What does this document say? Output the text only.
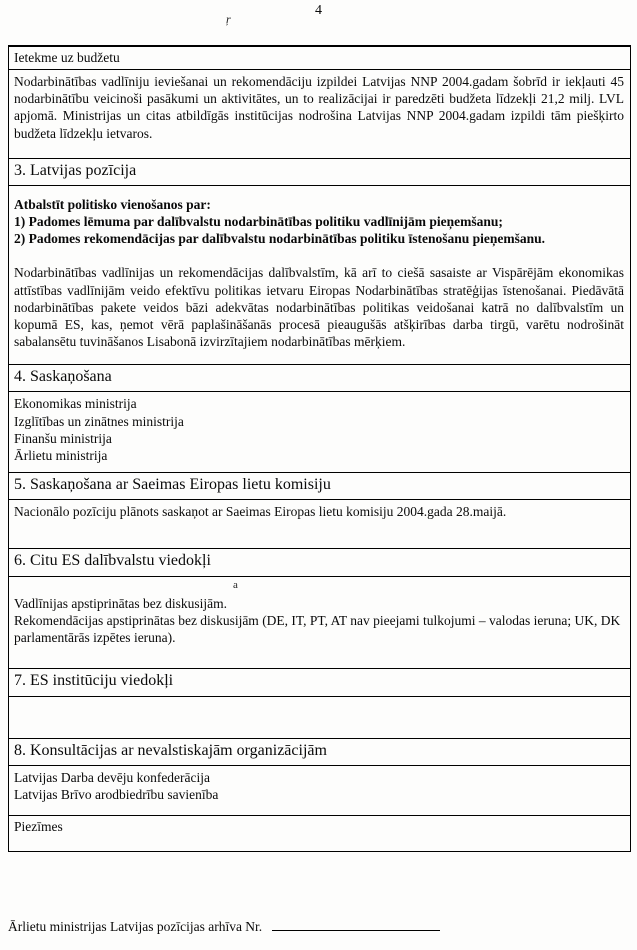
4
ŗ
Ietekme uz budžetu
Nodarbinātības vadlīniju ieviešanai un rekomendāciju izpildei Latvijas NNP 2004.gadam šobrīd ir iekļauti 45 nodarbinātību veicinoši pasākumi un aktivitātes, un to realizācijai ir paredzēti budžeta līdzekļi 21,2 milj. LVL apjomā. Ministrijas un citas atbildīgās institūcijas nodrošina Latvijas NNP 2004.gadam izpildi tām piešķirto budžeta līdzekļu ietvaros.
3. Latvijas pozīcija
Atbalstīt politisko vienošanos par:
1) Padomes lēmuma par dalībvalstu nodarbinātības politiku vadlīnijām pieņemšanu;
2) Padomes rekomendācijas par dalībvalstu nodarbinātības politiku īstenošanu pieņemšanu.
Nodarbinātības vadlīnijas un rekomendācijas dalībvalstīm, kā arī to ciešā sasaiste ar Vispārējām ekonomikas attīstības vadlīnijām veido efektīvu politikas ietvaru Eiropas Nodarbinātības stratēģijas īstenošanai. Piedāvātā nodarbinātības pakete veidos bāzi adekvātas nodarbinātības politikas veidošanai katrā no dalībvalstīm un kopumā ES, kas, ņemot vērā paplašināšanās procesā pieaugušās atšķirības darba tirgū, varētu nodrošināt sabalansētu tuvināšanos Lisabonā izvirzītajiem nodarbinātības mērķiem.
4. Saskaņošana
Ekonomikas ministrija
Izglītības un zinātnes ministrija
Finanšu ministrija
Ārlietu ministrija
5. Saskaņošana ar Saeimas Eiropas lietu komisiju
Nacionālo pozīciju plānots saskaņot ar Saeimas Eiropas lietu komisiju 2004.gada 28.maijā.
6. Citu ES dalībvalstu viedokļi
a
Vadlīnijas apstiprinātas bez diskusijām.
Rekomendācijas apstiprinātas bez diskusijām (DE, IT, PT, AT nav pieejami tulkojumi – valodas ieruna; UK, DK parlamentārās izpētes ieruna).
7. ES institūciju viedokļi
8. Konsultācijas ar nevalstiskajām organizācijām
Latvijas Darba devēju konfederācija
Latvijas Brīvo arodbiedrību savienība
Piezīmes
Ārlietu ministrijas Latvijas pozīcijas arhīva Nr.
